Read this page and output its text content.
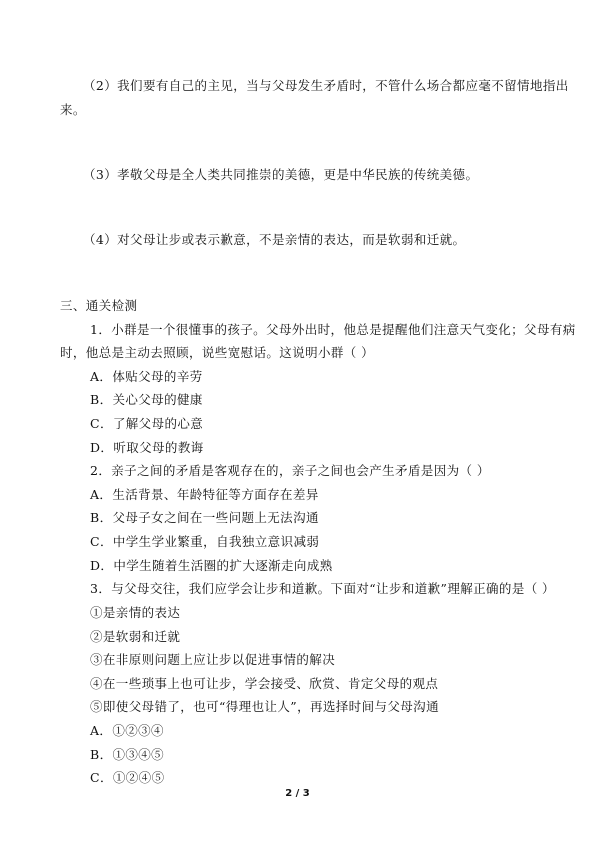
（2）我们要有自己的主见，当与父母发生矛盾时，不管什么场合都应毫不留情地指出
来。
（3）孝敬父母是全人类共同推崇的美德，更是中华民族的传统美德。
（4）对父母让步或表示歉意，不是亲情的表达，而是软弱和迁就。
三、通关检测
1．小群是一个很懂事的孩子。父母外出时，他总是提醒他们注意天气变化；父母有病
时，他总是主动去照顾，说些宽慰话。这说明小群（ ）
A．体贴父母的辛劳
B．关心父母的健康
C．了解父母的心意
D．听取父母的教诲
2．亲子之间的矛盾是客观存在的，亲子之间也会产生矛盾是因为（ ）
A．生活背景、年龄特征等方面存在差异
B．父母子女之间在一些问题上无法沟通
C．中学生学业繁重，自我独立意识减弱
D．中学生随着生活圈的扩大逐渐走向成熟
3．与父母交往，我们应学会让步和道歉。下面对“让步和道歉”理解正确的是（ ）
①是亲情的表达
②是软弱和迁就
③在非原则问题上应让步以促进事情的解决
④在一些琐事上也可让步，学会接受、欣赏、肯定父母的观点
⑤即使父母错了，也可“得理也让人”，再选择时间与父母沟通
A．①②③④
B．①③④⑤
C．①②④⑤
2 / 3
